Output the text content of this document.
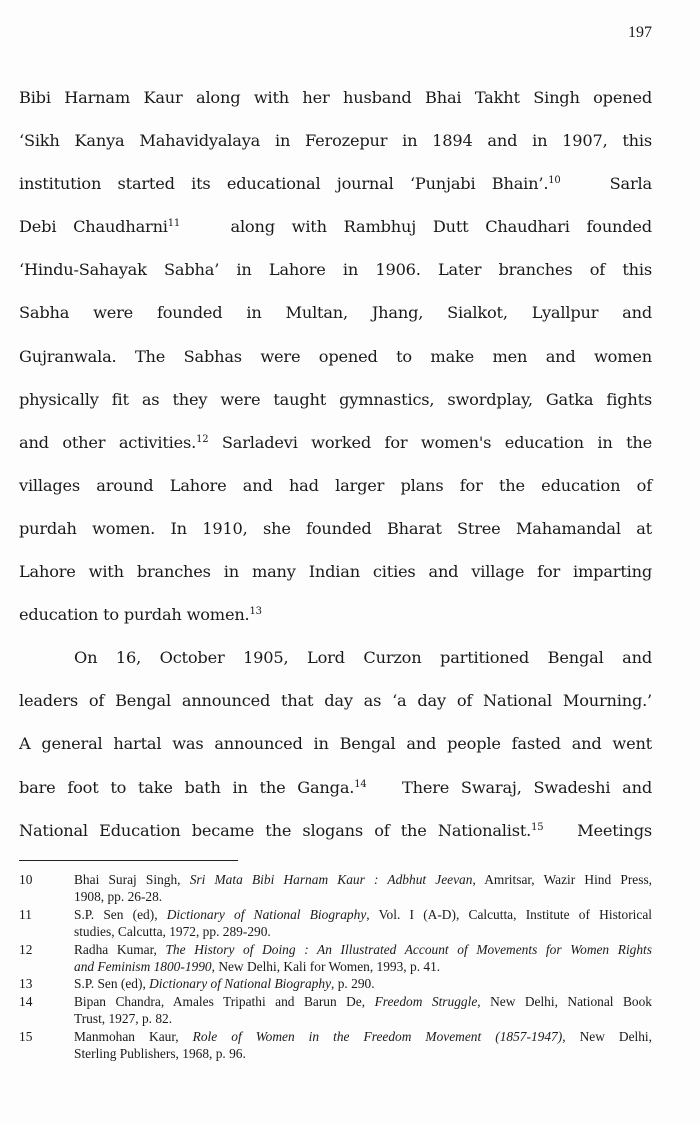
197
Bibi Harnam Kaur along with her husband Bhai Takht Singh opened
‘Sikh Kanya Mahavidyalaya in Ferozepur in 1894 and in 1907, this
institution started its educational journal ‘Punjabi Bhain’.$^{10}$	Sarla
Debi Chaudharni$^{11}$	along with Rambhuj Dutt Chaudhari founded
‘Hindu-Sahayak Sabha’ in Lahore in 1906. Later branches of this
Sabha were founded in Multan, Jhang, Sialkot, Lyallpur and
Gujranwala. The Sabhas were opened to make men and women
physically fit as they were taught gymnastics, swordplay, Gatka fights
and other activities.$^{12}$ Sarladevi worked for women's education in the
villages around Lahore and had larger plans for the education of
purdah women. In 1910, she founded Bharat Stree Mahamandal at
Lahore with branches in many Indian cities and village for imparting
education to purdah women.$^{13}$
On 16, October 1905, Lord Curzon partitioned Bengal and
leaders of Bengal announced that day as ‘a day of National Mourning.’
A general hartal was announced in Bengal and people fasted and went
bare foot to take bath in the Ganga.$^{14}$ There Swaraj, Swadeshi and
National Education became the slogans of the Nationalist.$^{15}$ Meetings
10	Bhai Suraj Singh, Sri Mata Bibi Harnam Kaur : Adbhut Jeevan, Amritsar, Wazir Hind Press,
1908, pp. 26-28.
11	S.P. Sen (ed), Dictionary of National Biography, Vol. I (A-D), Calcutta, Institute of Historical
studies, Calcutta, 1972, pp. 289-290.
12	Radha Kumar, The History of Doing : An Illustrated Account of Movements for Women Rights
and Feminism 1800-1990, New Delhi, Kali for Women, 1993, p. 41.
13	S.P. Sen (ed), Dictionary of National Biography, p. 290.
14	Bipan Chandra, Amales Tripathi and Barun De, Freedom Struggle, New Delhi, National Book
Trust, 1927, p. 82.
15	Manmohan Kaur, Role of Women in the Freedom Movement (1857-1947), New Delhi,
Sterling Publishers, 1968, p. 96.
